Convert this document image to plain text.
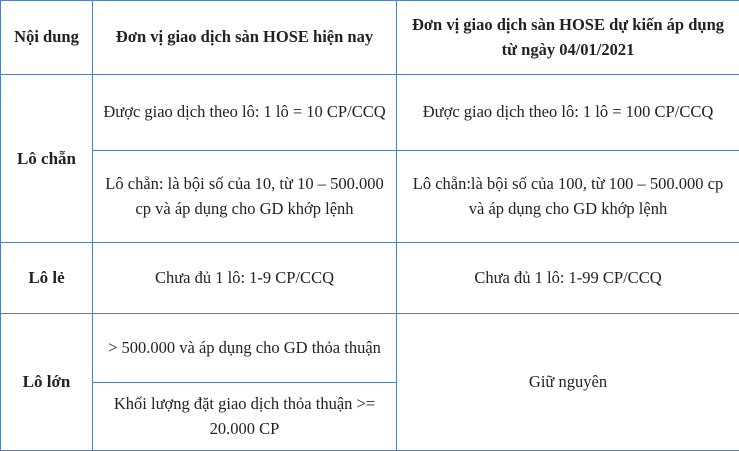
Nội dung	Đơn vị giao dịch sàn HOSE hiện nay	Đơn vị giao dịch sàn HOSE dự kiến áp dụng từ ngày 04/01/2021
Lô chẵn	Được giao dịch theo lô: 1 lô = 10 CP/CCQ	Được giao dịch theo lô: 1 lô = 100 CP/CCQ
	Lô chẵn: là bội số của 10, từ 10 – 500.000 cp và áp dụng cho GD khớp lệnh	Lô chẵn:là bội số của 100, từ 100 – 500.000 cp và áp dụng cho GD khớp lệnh
Lô lẻ	Chưa đủ 1 lô: 1-9 CP/CCQ	Chưa đủ 1 lô: 1-99 CP/CCQ
Lô lớn	> 500.000 và áp dụng cho GD thỏa thuận	Giữ nguyên
	Khối lượng đặt giao dịch thỏa thuận >= 20.000 CP	
